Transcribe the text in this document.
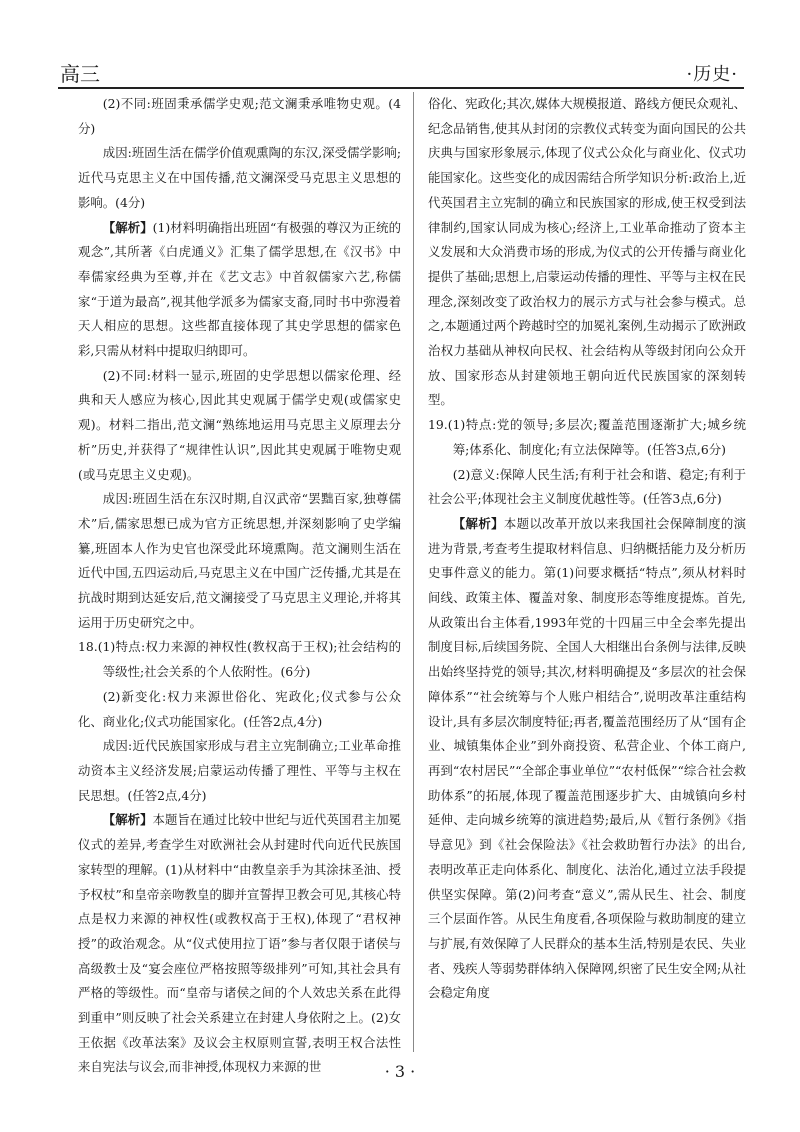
高三	·历史·

(2)不同:班固秉承儒学史观;范文澜秉承唯物史观。(4分)

成因:班固生活在儒学价值观熏陶的东汉,深受儒学影响;近代马克思主义在中国传播,范文澜深受马克思主义思想的影响。(4分)

【解析】(1)材料明确指出班固“有极强的尊汉为正统的观念”,其所著《白虎通义》汇集了儒学思想,在《汉书》中奉儒家经典为至尊,并在《艺文志》中首叙儒家六艺,称儒家“于道为最高”,视其他学派多为儒家支裔,同时书中弥漫着天人相应的思想。这些都直接体现了其史学思想的儒家色彩,只需从材料中提取归纳即可。

(2)不同:材料一显示,班固的史学思想以儒家伦理、经典和天人感应为核心,因此其史观属于儒学史观(或儒家史观)。材料二指出,范文澜“熟练地运用马克思主义原理去分析”历史,并获得了“规律性认识”,因此其史观属于唯物史观(或马克思主义史观)。

成因:班固生活在东汉时期,自汉武帝“罢黜百家,独尊儒术”后,儒家思想已成为官方正统思想,并深刻影响了史学编纂,班固本人作为史官也深受此环境熏陶。范文澜则生活在近代中国,五四运动后,马克思主义在中国广泛传播,尤其是在抗战时期到达延安后,范文澜接受了马克思主义理论,并将其运用于历史研究之中。

18.(1)特点:权力来源的神权性(教权高于王权);社会结构的等级性;社会关系的个人依附性。(6分)

(2)新变化:权力来源世俗化、宪政化;仪式参与公众化、商业化;仪式功能国家化。(任答2点,4分)

成因:近代民族国家形成与君主立宪制确立;工业革命推动资本主义经济发展;启蒙运动传播了理性、平等与主权在民思想。(任答2点,4分)

【解析】本题旨在通过比较中世纪与近代英国君主加冕仪式的差异,考查学生对欧洲社会从封建时代向近代民族国家转型的理解。(1)从材料中“由教皇亲手为其涂抹圣油、授予权杖”和皇帝亲吻教皇的脚并宣誓捍卫教会可见,其核心特点是权力来源的神权性(或教权高于王权),体现了“君权神授”的政治观念。从“仪式使用拉丁语”参与者仅限于诸侯与高级教士及“宴会座位严格按照等级排列”可知,其社会具有严格的等级性。而“皇帝与诸侯之间的个人效忠关系在此得到重申”则反映了社会关系建立在封建人身依附之上。(2)女王依据《改革法案》及议会主权原则宣誓,表明王权合法性来自宪法与议会,而非神授,体现权力来源的世

俗化、宪政化;其次,媒体大规模报道、路线方便民众观礼、纪念品销售,使其从封闭的宗教仪式转变为面向国民的公共庆典与国家形象展示,体现了仪式公众化与商业化、仪式功能国家化。这些变化的成因需结合所学知识分析:政治上,近代英国君主立宪制的确立和民族国家的形成,使王权受到法律制约,国家认同成为核心;经济上,工业革命推动了资本主义发展和大众消费市场的形成,为仪式的公开传播与商业化提供了基础;思想上,启蒙运动传播的理性、平等与主权在民理念,深刻改变了政治权力的展示方式与社会参与模式。总之,本题通过两个跨越时空的加冕礼案例,生动揭示了欧洲政治权力基础从神权向民权、社会结构从等级封闭向公众开放、国家形态从封建领地王朝向近代民族国家的深刻转型。

19.(1)特点:党的领导;多层次;覆盖范围逐渐扩大;城乡统筹;体系化、制度化;有立法保障等。(任答3点,6分)

(2)意义:保障人民生活;有利于社会和谐、稳定;有利于社会公平;体现社会主义制度优越性等。(任答3点,6分)

【解析】本题以改革开放以来我国社会保障制度的演进为背景,考查考生提取材料信息、归纳概括能力及分析历史事件意义的能力。第(1)问要求概括“特点”,须从材料时间线、政策主体、覆盖对象、制度形态等维度提炼。首先,从政策出台主体看,1993年党的十四届三中全会率先提出制度目标,后续国务院、全国人大相继出台条例与法律,反映出始终坚持党的领导;其次,材料明确提及“多层次的社会保障体系”“社会统筹与个人账户相结合”,说明改革注重结构设计,具有多层次制度特征;再者,覆盖范围经历了从“国有企业、城镇集体企业”到外商投资、私营企业、个体工商户,再到“农村居民”“全部企事业单位”“农村低保”“综合社会救助体系”的拓展,体现了覆盖范围逐步扩大、由城镇向乡村延伸、走向城乡统筹的演进趋势;最后,从《暂行条例》《指导意见》到《社会保险法》《社会救助暂行办法》的出台,表明改革正走向体系化、制度化、法治化,通过立法手段提供坚实保障。第(2)问考查“意义”,需从民生、社会、制度三个层面作答。从民生角度看,各项保险与救助制度的建立与扩展,有效保障了人民群众的基本生活,特别是农民、失业者、残疾人等弱势群体纳入保障网,织密了民生安全网;从社会稳定角度

· 3 ·
